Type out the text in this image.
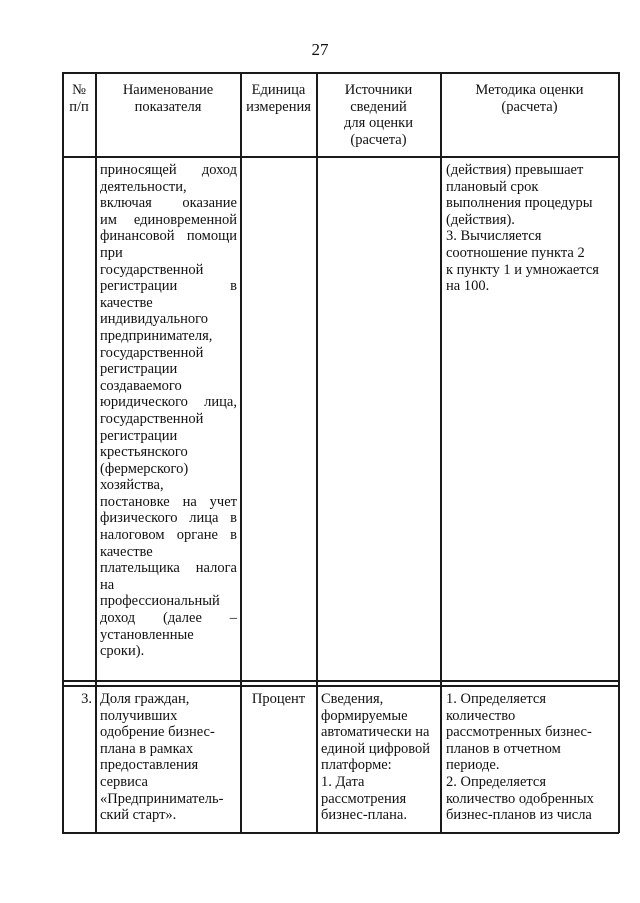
27
№
п/п
Наименование
показателя
Единица
измерения
Источники
сведений
для оценки
(расчета)
Методика оценки
(расчета)
приносящей доход
деятельности,
включая оказание
им единовременной
финансовой помощи
при
государственной
регистрации в
качестве
индивидуального
предпринимателя,
государственной
регистрации
создаваемого
юридического лица,
государственной
регистрации
крестьянского
(фермерского)
хозяйства,
постановке на учет
физического лица в
налоговом органе в
качестве
плательщика налога
на
профессиональный
доход (далее –
установленные
сроки).
(действия) превышает
плановый срок
выполнения процедуры
(действия).
3. Вычисляется
соотношение пункта 2
к пункту 1 и умножается
на 100.
3. Доля граждан,
получивших
одобрение бизнес-
плана в рамках
предоставления
сервиса
«Предприниматель-
ский старт».
Процент	Сведения,
формируемые
автоматически на
единой цифровой
платформе:
1. Дата
рассмотрения
бизнес-плана.
1. Определяется
количество
рассмотренных бизнес-
планов в отчетном
периоде.
2. Определяется
количество одобренных
бизнес-планов из числа
